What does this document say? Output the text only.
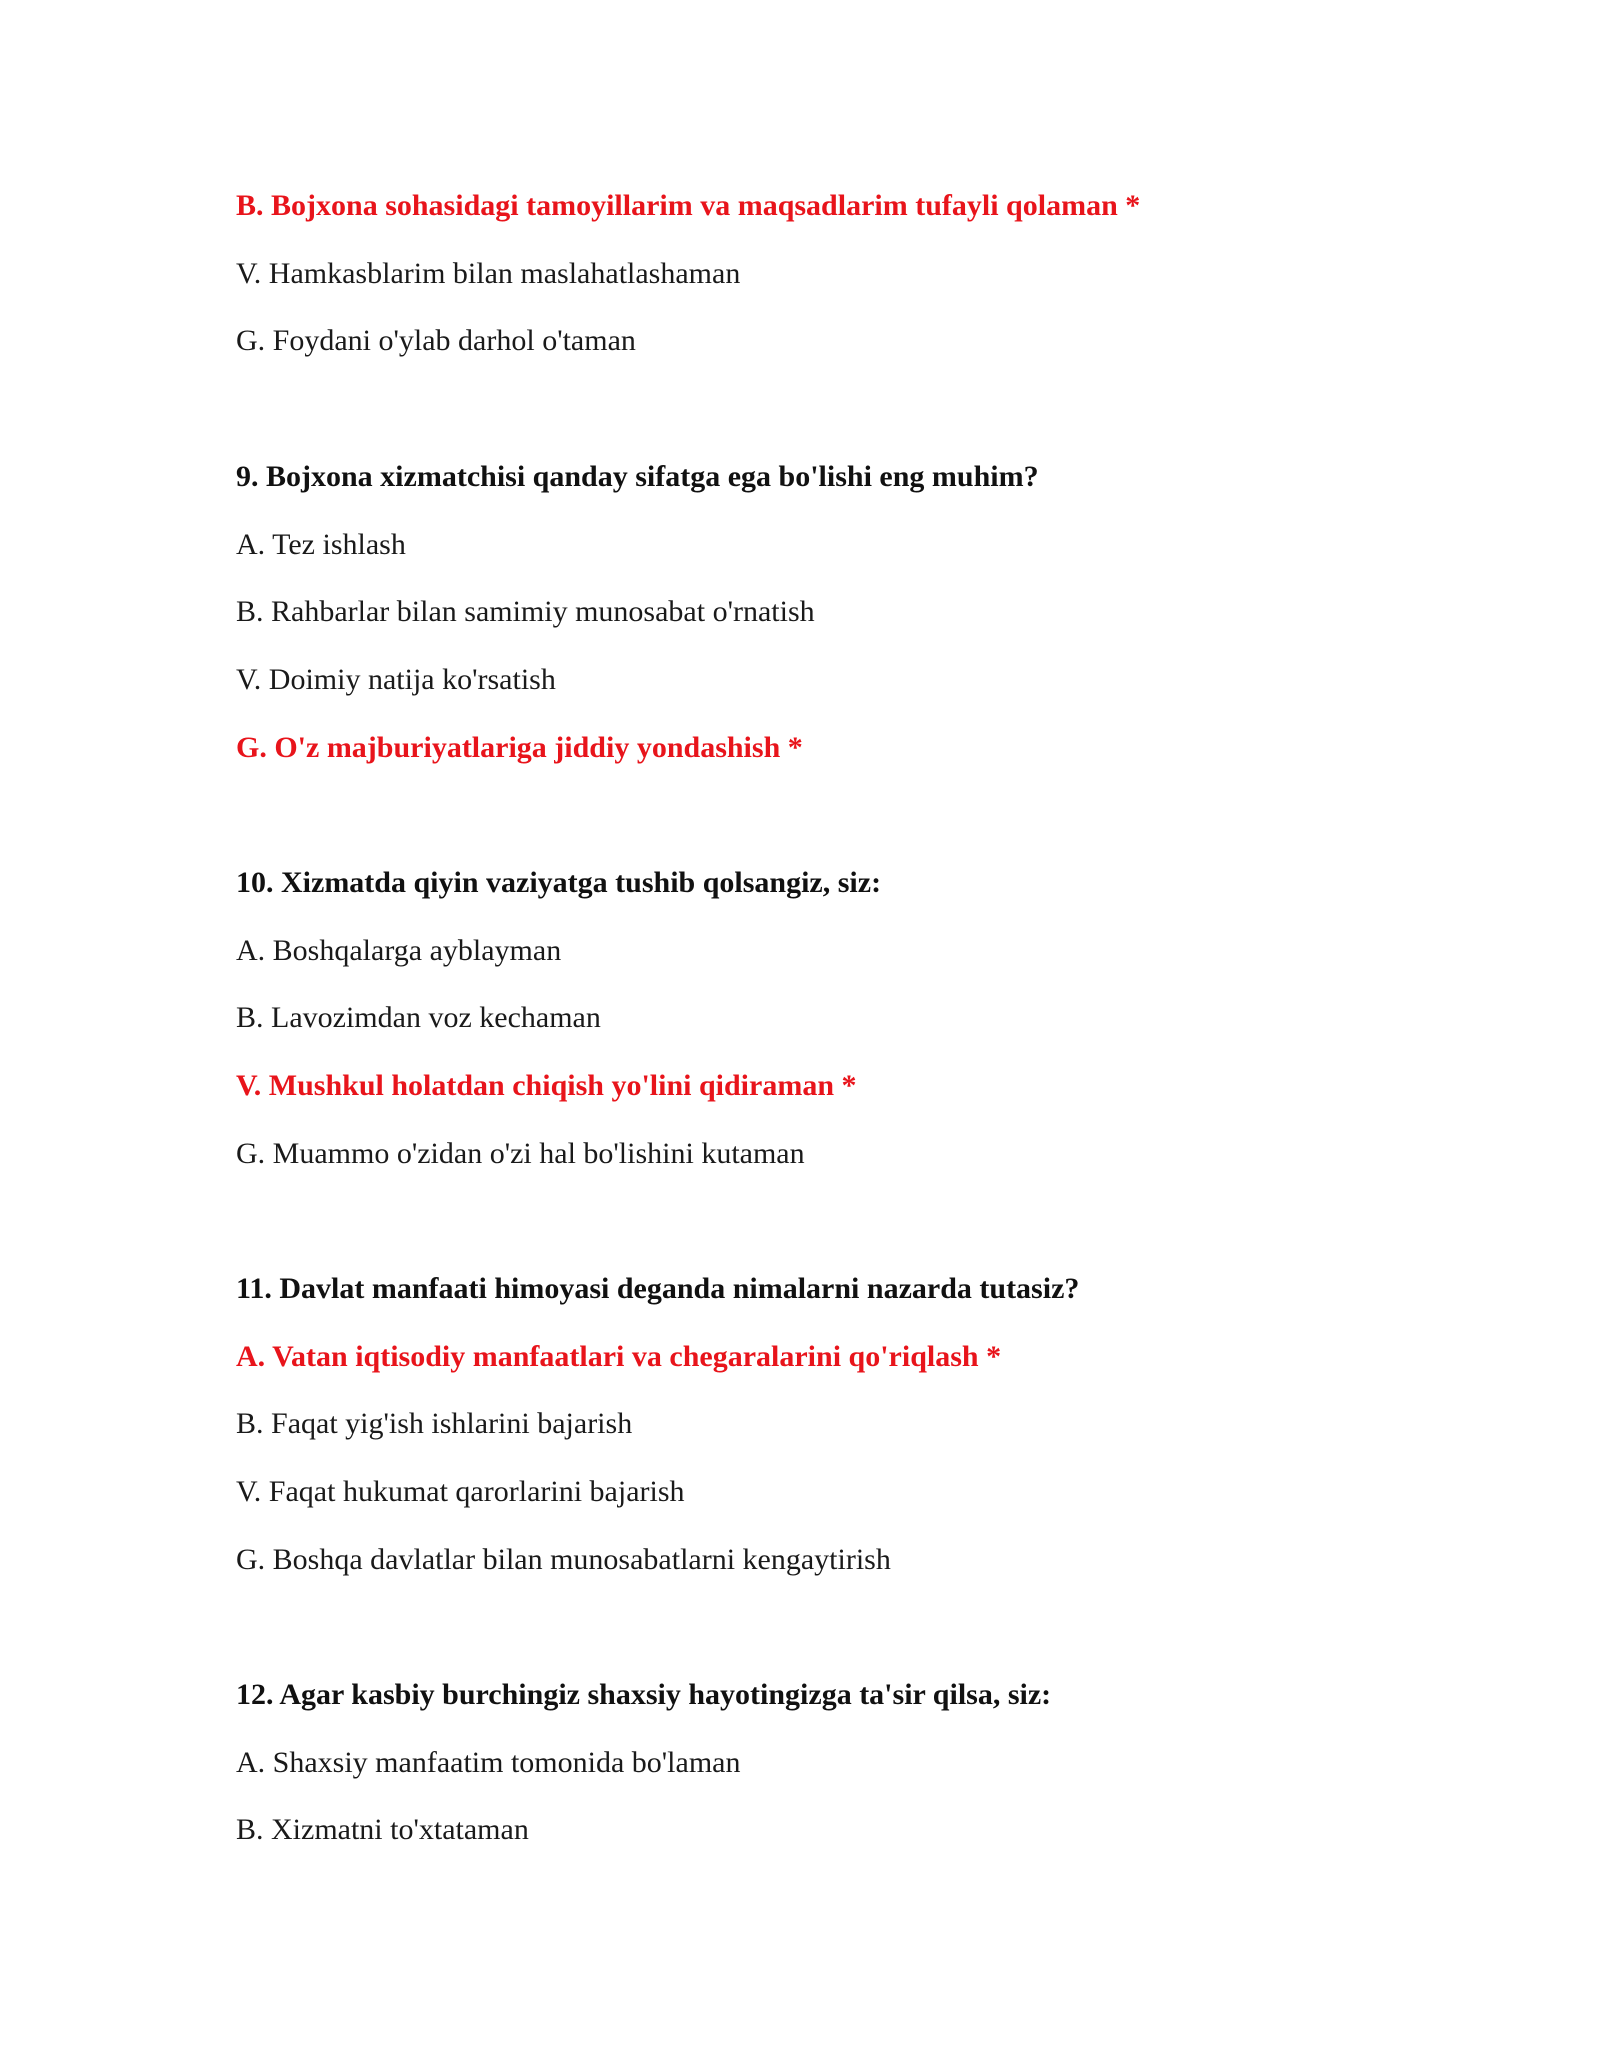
B. Bojxona sohasidagi tamoyillarim va maqsadlarim tufayli qolaman *
V. Hamkasblarim bilan maslahatlashaman
G. Foydani o'ylab darhol o'taman
9. Bojxona xizmatchisi qanday sifatga ega bo'lishi eng muhim?
A. Tez ishlash
B. Rahbarlar bilan samimiy munosabat o'rnatish
V. Doimiy natija ko'rsatish
G. O'z majburiyatlariga jiddiy yondashish *
10. Xizmatda qiyin vaziyatga tushib qolsangiz, siz:
A. Boshqalarga ayblayman
B. Lavozimdan voz kechaman
V. Mushkul holatdan chiqish yo'lini qidiraman *
G. Muammo o'zidan o'zi hal bo'lishini kutaman
11. Davlat manfaati himoyasi deganda nimalarni nazarda tutasiz?
A. Vatan iqtisodiy manfaatlari va chegaralarini qo'riqlash *
B. Faqat yig'ish ishlarini bajarish
V. Faqat hukumat qarorlarini bajarish
G. Boshqa davlatlar bilan munosabatlarni kengaytirish
12. Agar kasbiy burchingiz shaxsiy hayotingizga ta'sir qilsa, siz:
A. Shaxsiy manfaatim tomonida bo'laman
B. Xizmatni to'xtataman
